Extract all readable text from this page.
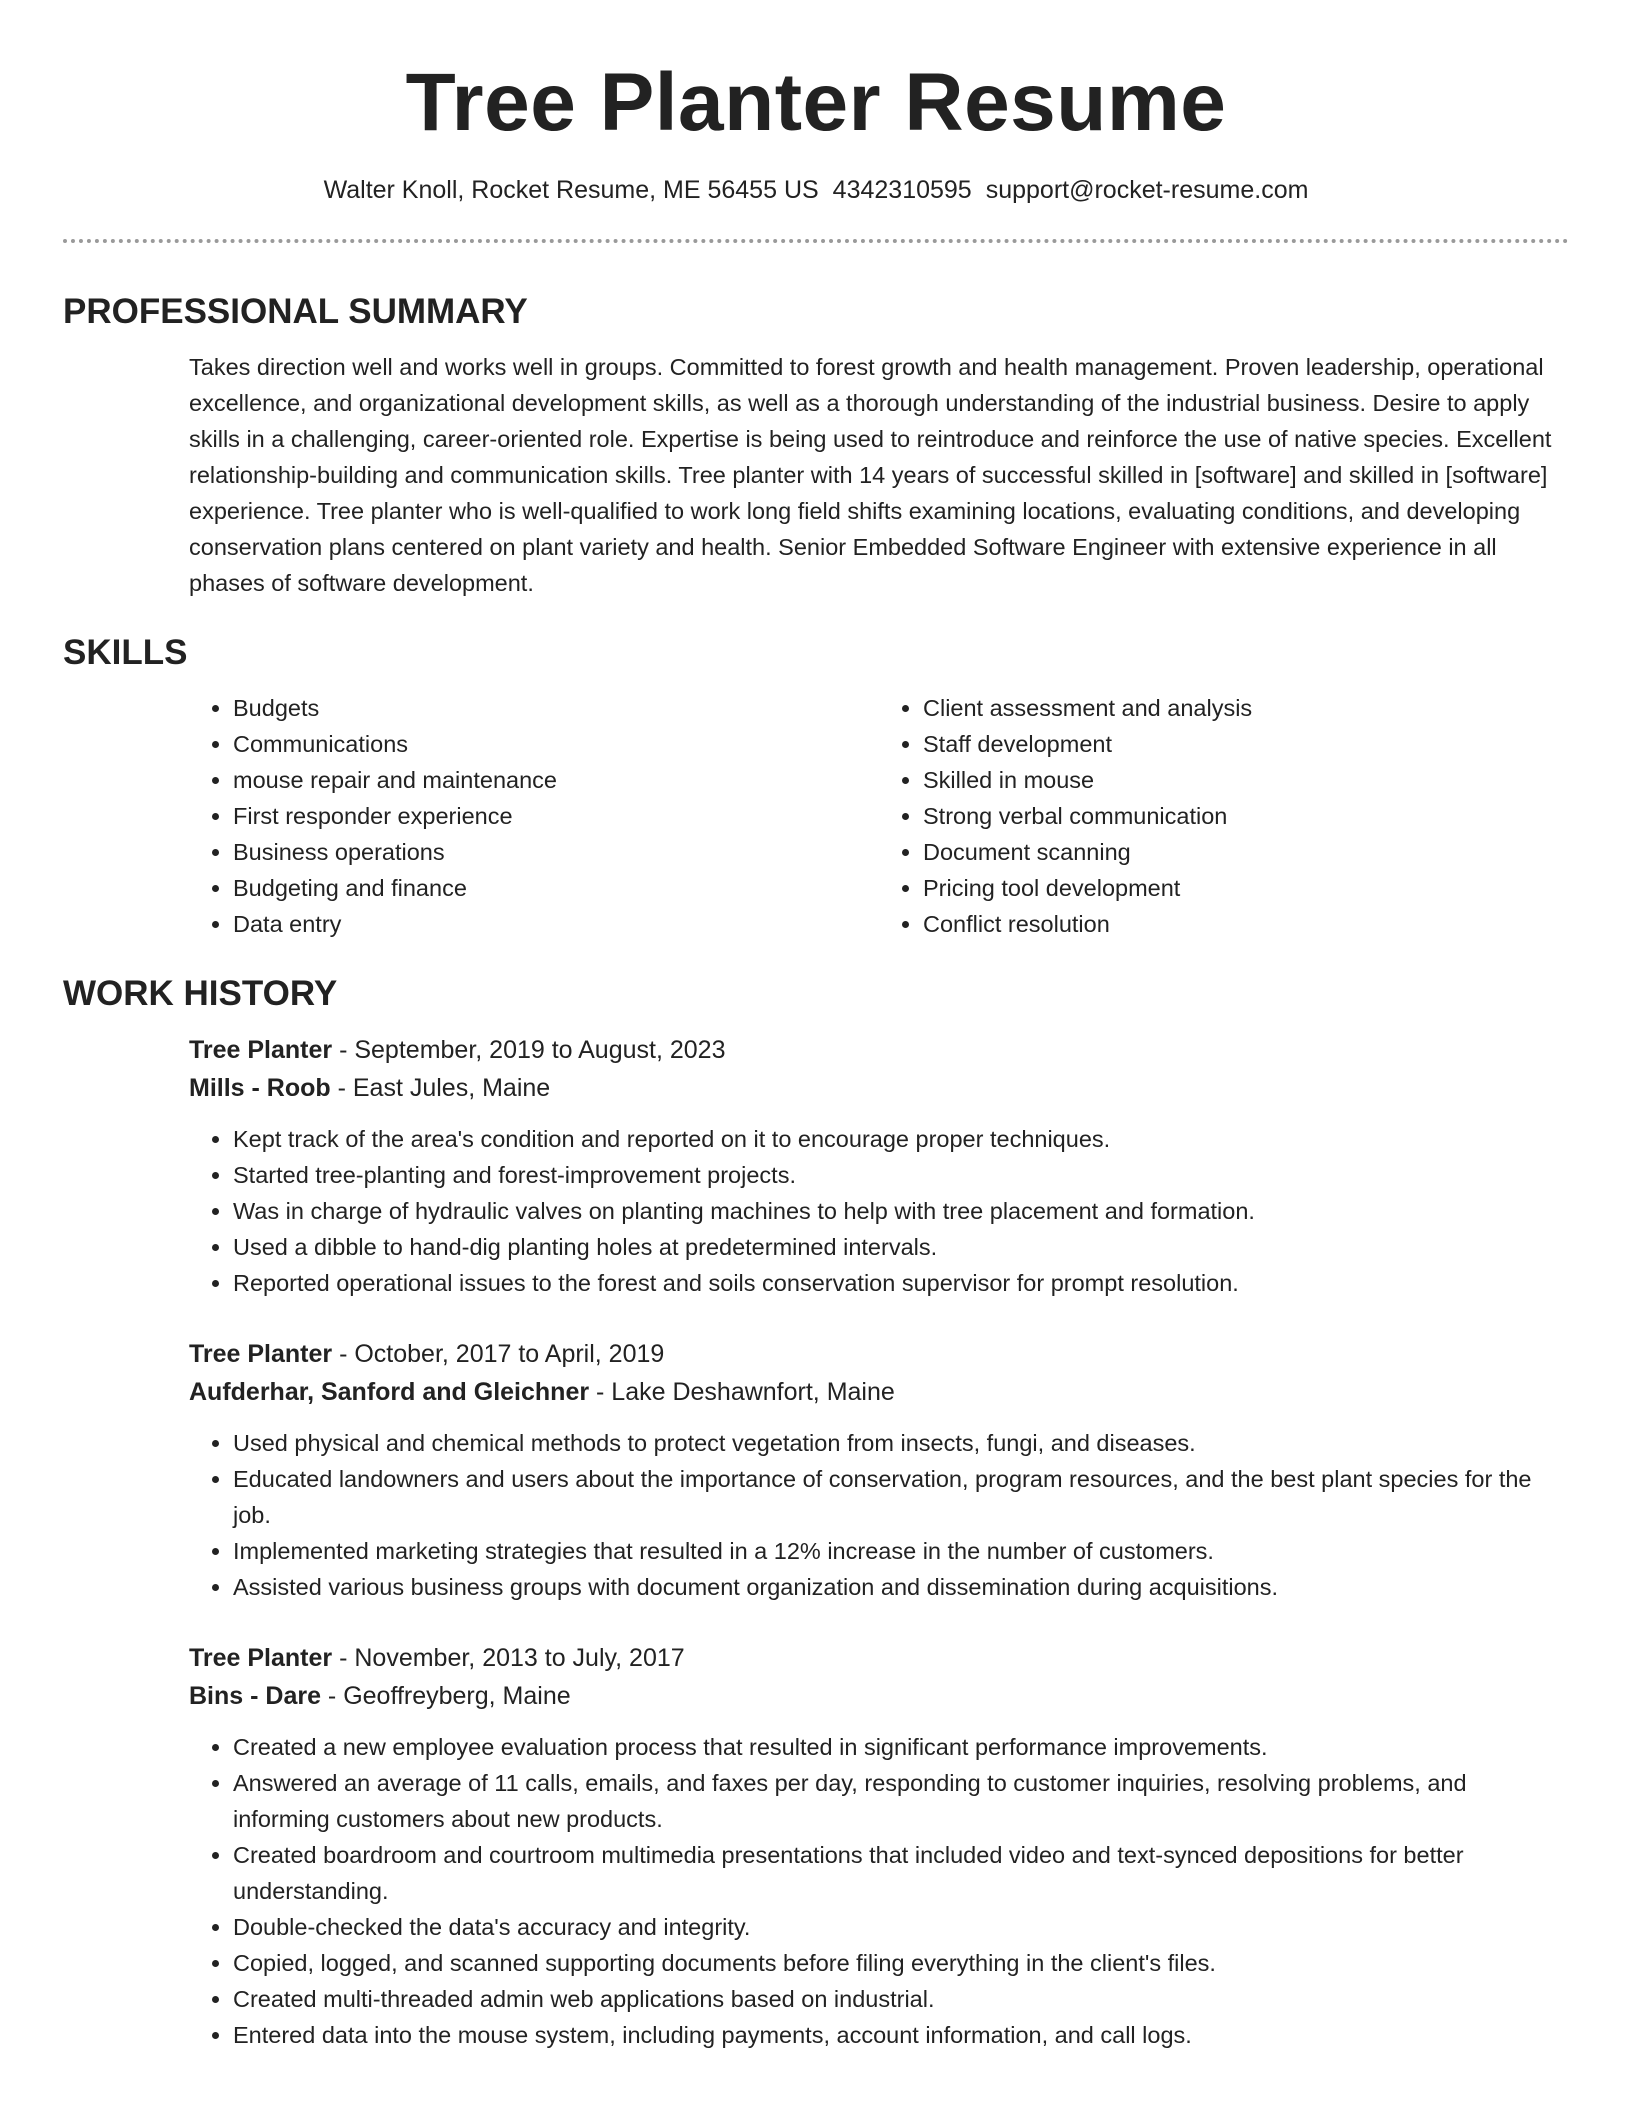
Tree Planter Resume
Walter Knoll, Rocket Resume, ME 56455 US 4342310595 support@rocket-resume.com
PROFESSIONAL SUMMARY

Takes direction well and works well in groups. Committed to forest growth and health management. Proven leadership, operational excellence, and organizational development skills, as well as a thorough understanding of the industrial business. Desire to apply skills in a challenging, career-oriented role. Expertise is being used to reintroduce and reinforce the use of native species. Excellent relationship-building and communication skills. Tree planter with 14 years of successful skilled in [software] and skilled in [software] experience. Tree planter who is well-qualified to work long field shifts examining locations, evaluating conditions, and developing conservation plans centered on plant variety and health. Senior Embedded Software Engineer with extensive experience in all phases of software development.

SKILLS
• Budgets
• Communications
• mouse repair and maintenance
• First responder experience
• Business operations
• Budgeting and finance
• Data entry
• Client assessment and analysis
• Staff development
• Skilled in mouse
• Strong verbal communication
• Document scanning
• Pricing tool development
• Conflict resolution
WORK HISTORY
Tree Planter - September, 2019 to August, 2023
Mills - Roob - East Jules, Maine
• Kept track of the area's condition and reported on it to encourage proper techniques.
• Started tree-planting and forest-improvement projects.
• Was in charge of hydraulic valves on planting machines to help with tree placement and formation.
• Used a dibble to hand-dig planting holes at predetermined intervals.
• Reported operational issues to the forest and soils conservation supervisor for prompt resolution.
Tree Planter - October, 2017 to April, 2019
Aufderhar, Sanford and Gleichner - Lake Deshawnfort, Maine
• Used physical and chemical methods to protect vegetation from insects, fungi, and diseases.
• Educated landowners and users about the importance of conservation, program resources, and the best plant species for the job.
• Implemented marketing strategies that resulted in a 12% increase in the number of customers.
• Assisted various business groups with document organization and dissemination during acquisitions.
Tree Planter - November, 2013 to July, 2017
Bins - Dare - Geoffreyberg, Maine
• Created a new employee evaluation process that resulted in significant performance improvements.
• Answered an average of 11 calls, emails, and faxes per day, responding to customer inquiries, resolving problems, and informing customers about new products.
• Created boardroom and courtroom multimedia presentations that included video and text-synced depositions for better understanding.
• Double-checked the data's accuracy and integrity.
• Copied, logged, and scanned supporting documents before filing everything in the client's files.
• Created multi-threaded admin web applications based on industrial.
• Entered data into the mouse system, including payments, account information, and call logs.
